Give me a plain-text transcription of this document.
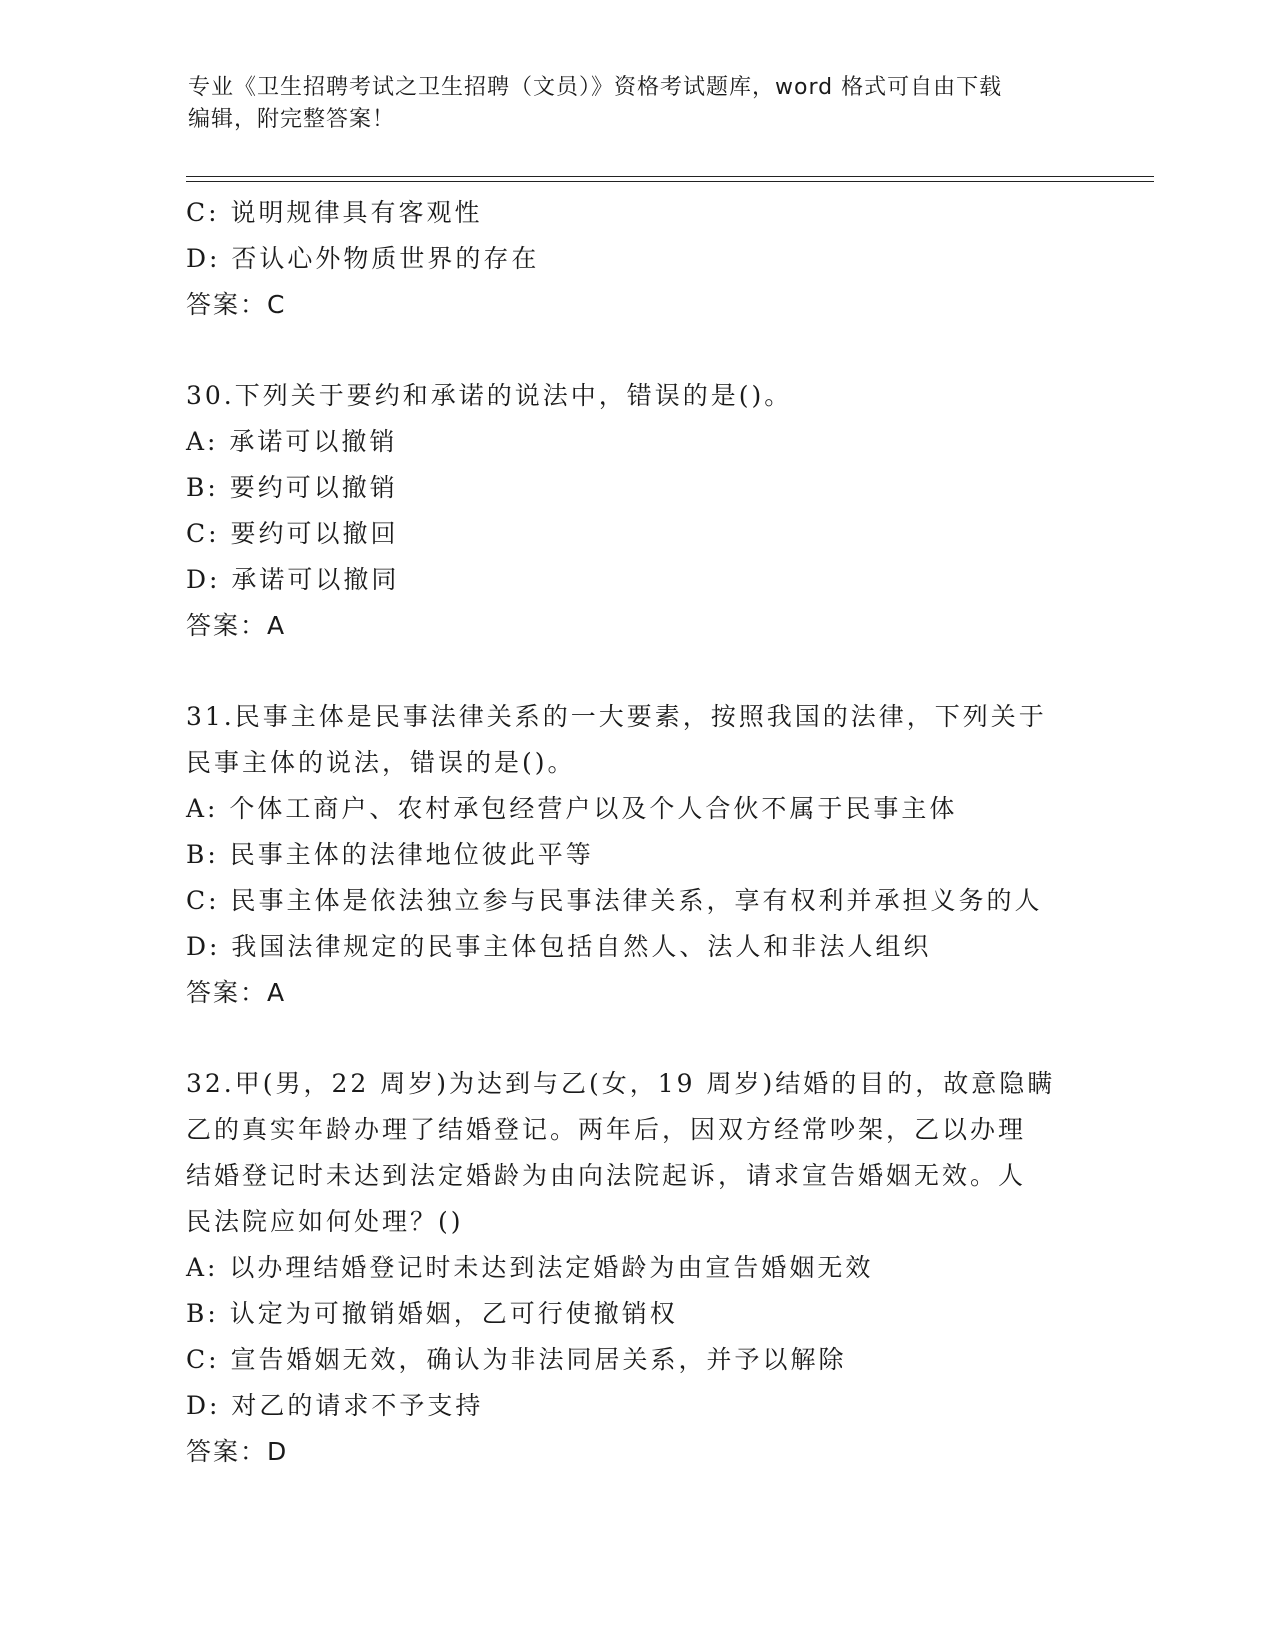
专业《卫生招聘考试之卫生招聘（文员）》资格考试题库，word 格式可自由下载
编辑，附完整答案！
C: 说明规律具有客观性
D: 否认心外物质世界的存在
答案：C
30.下列关于要约和承诺的说法中，错误的是()。
A: 承诺可以撤销
B: 要约可以撤销
C: 要约可以撤回
D: 承诺可以撤同
答案：A
31.民事主体是民事法律关系的一大要素，按照我国的法律，下列关于
民事主体的说法，错误的是()。
A: 个体工商户、农村承包经营户以及个人合伙不属于民事主体
B: 民事主体的法律地位彼此平等
C: 民事主体是依法独立参与民事法律关系，享有权利并承担义务的人
D: 我国法律规定的民事主体包括自然人、法人和非法人组织
答案：A
32.甲(男，22 周岁)为达到与乙(女，19 周岁)结婚的目的，故意隐瞒
乙的真实年龄办理了结婚登记。两年后，因双方经常吵架，乙以办理
结婚登记时未达到法定婚龄为由向法院起诉，请求宣告婚姻无效。人
民法院应如何处理？()
A: 以办理结婚登记时未达到法定婚龄为由宣告婚姻无效
B: 认定为可撤销婚姻，乙可行使撤销权
C: 宣告婚姻无效，确认为非法同居关系，并予以解除
D: 对乙的请求不予支持
答案：D
